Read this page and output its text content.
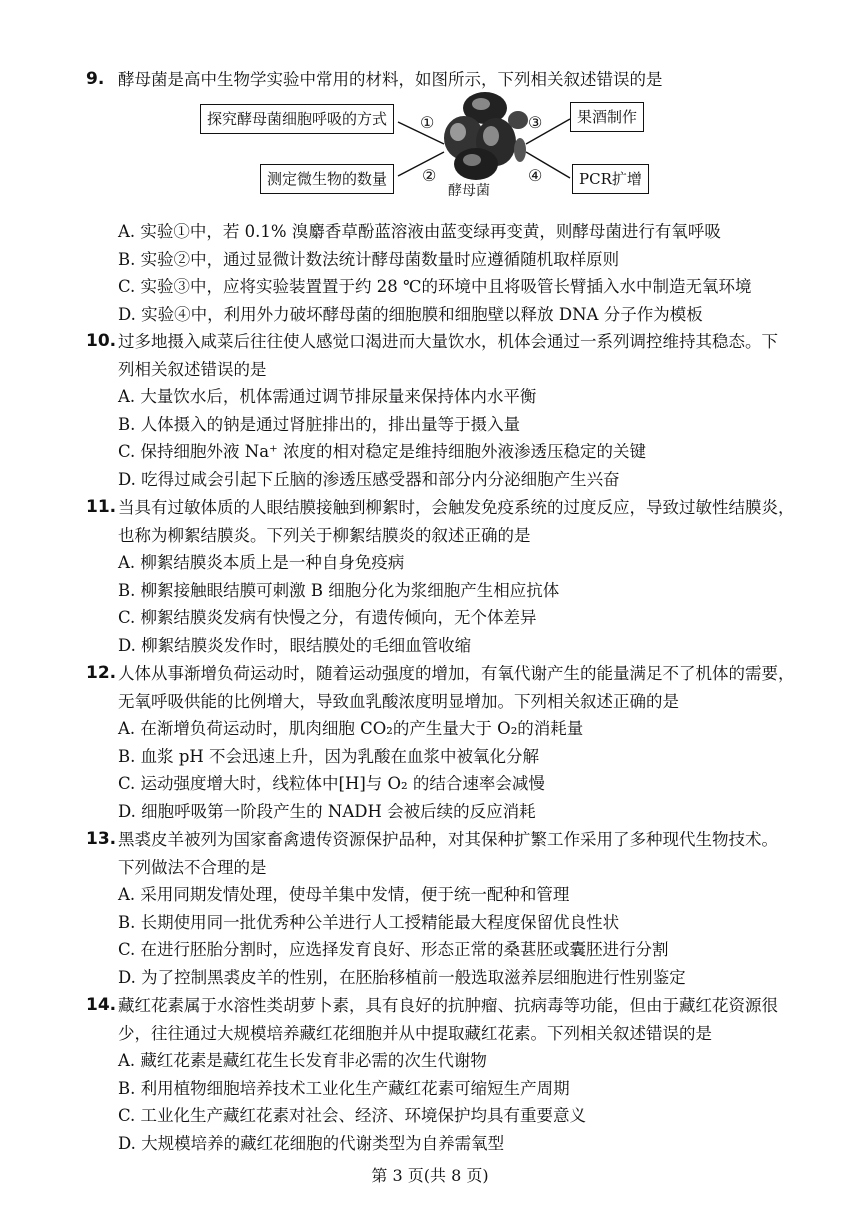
9. 酵母菌是高中生物学实验中常用的材料，如图所示，下列相关叙述错误的是
探究酵母菌细胞呼吸的方式	①
测定微生物的数量	②
③	果酒制作
④	PCR扩增
酵母菌
A. 实验①中，若 0.1% 溴麝香草酚蓝溶液由蓝变绿再变黄，则酵母菌进行有氧呼吸
B. 实验②中，通过显微计数法统计酵母菌数量时应遵循随机取样原则
C. 实验③中，应将实验装置置于约 28 ℃的环境中且将吸管长臂插入水中制造无氧环境
D. 实验④中，利用外力破坏酵母菌的细胞膜和细胞壁以释放 DNA 分子作为模板
10. 过多地摄入咸菜后往往使人感觉口渴进而大量饮水，机体会通过一系列调控维持其稳态。下
列相关叙述错误的是
A. 大量饮水后，机体需通过调节排尿量来保持体内水平衡
B. 人体摄入的钠是通过肾脏排出的，排出量等于摄入量
C. 保持细胞外液 Na⁺ 浓度的相对稳定是维持细胞外液渗透压稳定的关键
D. 吃得过咸会引起下丘脑的渗透压感受器和部分内分泌细胞产生兴奋
11. 当具有过敏体质的人眼结膜接触到柳絮时，会触发免疫系统的过度反应，导致过敏性结膜炎，
也称为柳絮结膜炎。下列关于柳絮结膜炎的叙述正确的是
A. 柳絮结膜炎本质上是一种自身免疫病
B. 柳絮接触眼结膜可刺激 B 细胞分化为浆细胞产生相应抗体
C. 柳絮结膜炎发病有快慢之分，有遗传倾向，无个体差异
D. 柳絮结膜炎发作时，眼结膜处的毛细血管收缩
12. 人体从事渐增负荷运动时，随着运动强度的增加，有氧代谢产生的能量满足不了机体的需要，
无氧呼吸供能的比例增大，导致血乳酸浓度明显增加。下列相关叙述正确的是
A. 在渐增负荷运动时，肌肉细胞 CO₂的产生量大于 O₂的消耗量
B. 血浆 pH 不会迅速上升，因为乳酸在血浆中被氧化分解
C. 运动强度增大时，线粒体中[H]与 O₂ 的结合速率会减慢
D. 细胞呼吸第一阶段产生的 NADH 会被后续的反应消耗
13. 黑裘皮羊被列为国家畜禽遗传资源保护品种，对其保种扩繁工作采用了多种现代生物技术。
下列做法不合理的是
A. 采用同期发情处理，使母羊集中发情，便于统一配种和管理
B. 长期使用同一批优秀种公羊进行人工授精能最大程度保留优良性状
C. 在进行胚胎分割时，应选择发育良好、形态正常的桑葚胚或囊胚进行分割
D. 为了控制黑裘皮羊的性别，在胚胎移植前一般选取滋养层细胞进行性别鉴定
14. 藏红花素属于水溶性类胡萝卜素，具有良好的抗肿瘤、抗病毒等功能，但由于藏红花资源很
少，往往通过大规模培养藏红花细胞并从中提取藏红花素。下列相关叙述错误的是
A. 藏红花素是藏红花生长发育非必需的次生代谢物
B. 利用植物细胞培养技术工业化生产藏红花素可缩短生产周期
C. 工业化生产藏红花素对社会、经济、环境保护均具有重要意义
D. 大规模培养的藏红花细胞的代谢类型为自养需氧型
第 3 页(共 8 页)
